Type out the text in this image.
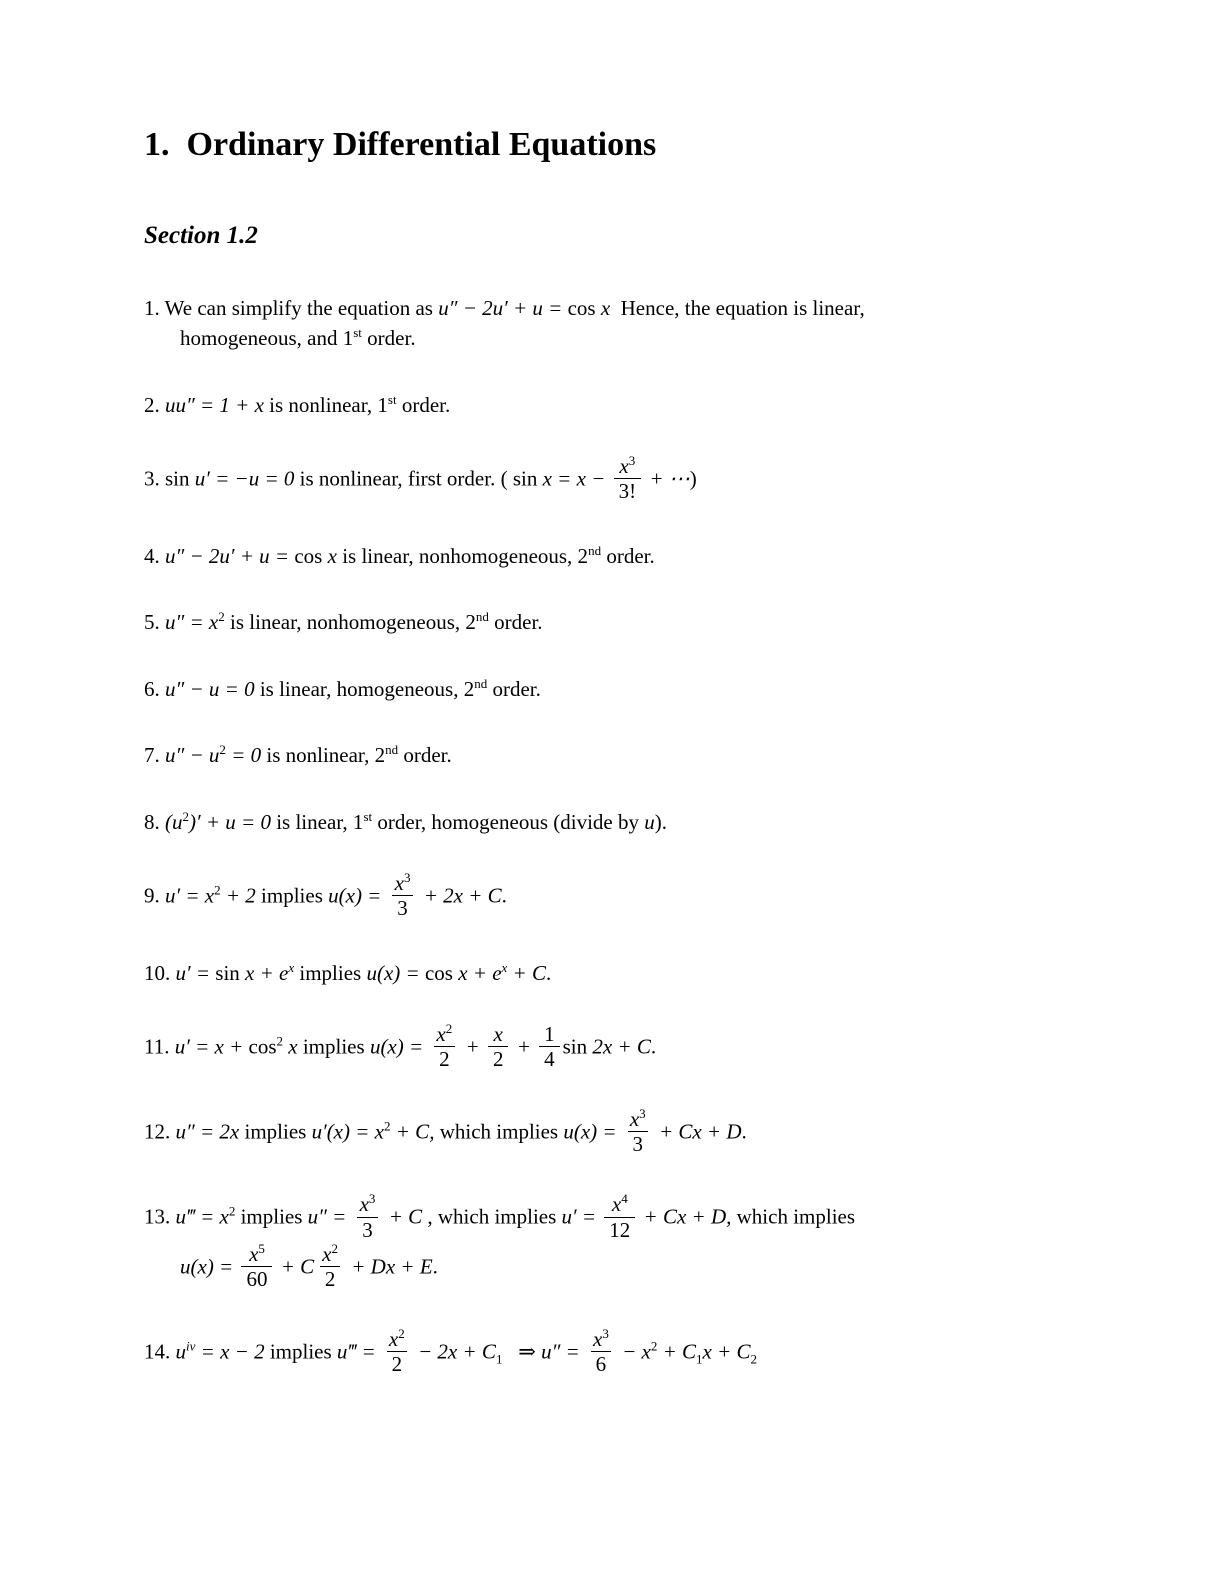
1.  Ordinary Differential Equations
Section 1.2
1. We can simplify the equation as u″ − 2u′ + u = cos x  Hence, the equation is linear,
homogeneous, and 1st order.
2. uu″ = 1 + x is nonlinear, 1st order.
3. sin u′ = −u = 0 is nonlinear, first order. ( $\sin x = x - \frac{x^3}{3!}$ + ⋯)
4. u″ − 2u′ + u = cos x is linear, nonhomogeneous, 2nd order.
5. $u'' = x^2$ is linear, nonhomogeneous, 2nd order.
6. u″ − u = 0 is linear, homogeneous, 2nd order.
7. $u'' - u^2 = 0$ is nonlinear, 2nd order.
8. $(u^2)' + u = 0$ is linear, 1st order, homogeneous (divide by u).
9. $u' = x^2 + 2$ implies $u(x) = \frac{x^3}{3} + 2x + C$.
10. $u' = \sin x + e^x$ implies $u(x) = \cos x + e^x + C$.
11. $u' = x + \cos^2 x$ implies $u(x) = \frac{x^2}{2} + \frac{x}{2} + \frac{1}{4}$ sin 2x + C.
12. u″ = 2x implies $u'(x) = x^2 + C$, which implies $u(x) = \frac{x^3}{3} + Cx + D$.
13. u‴ = $x^2$ implies $u'' = \frac{x^3}{3} + C$ , which implies $u' = \frac{x^4}{12} + Cx + D$, which implies
$u(x) = \frac{x^5}{60} + C \frac{x^2}{2} + Dx + E$.
14. $u^{iv} = x - 2$ implies u‴ = $\frac{x^2}{2} - 2x + C_1$   ⇒ $u'' = \frac{x^3}{6} - x^2 + C_1x + C_2$
